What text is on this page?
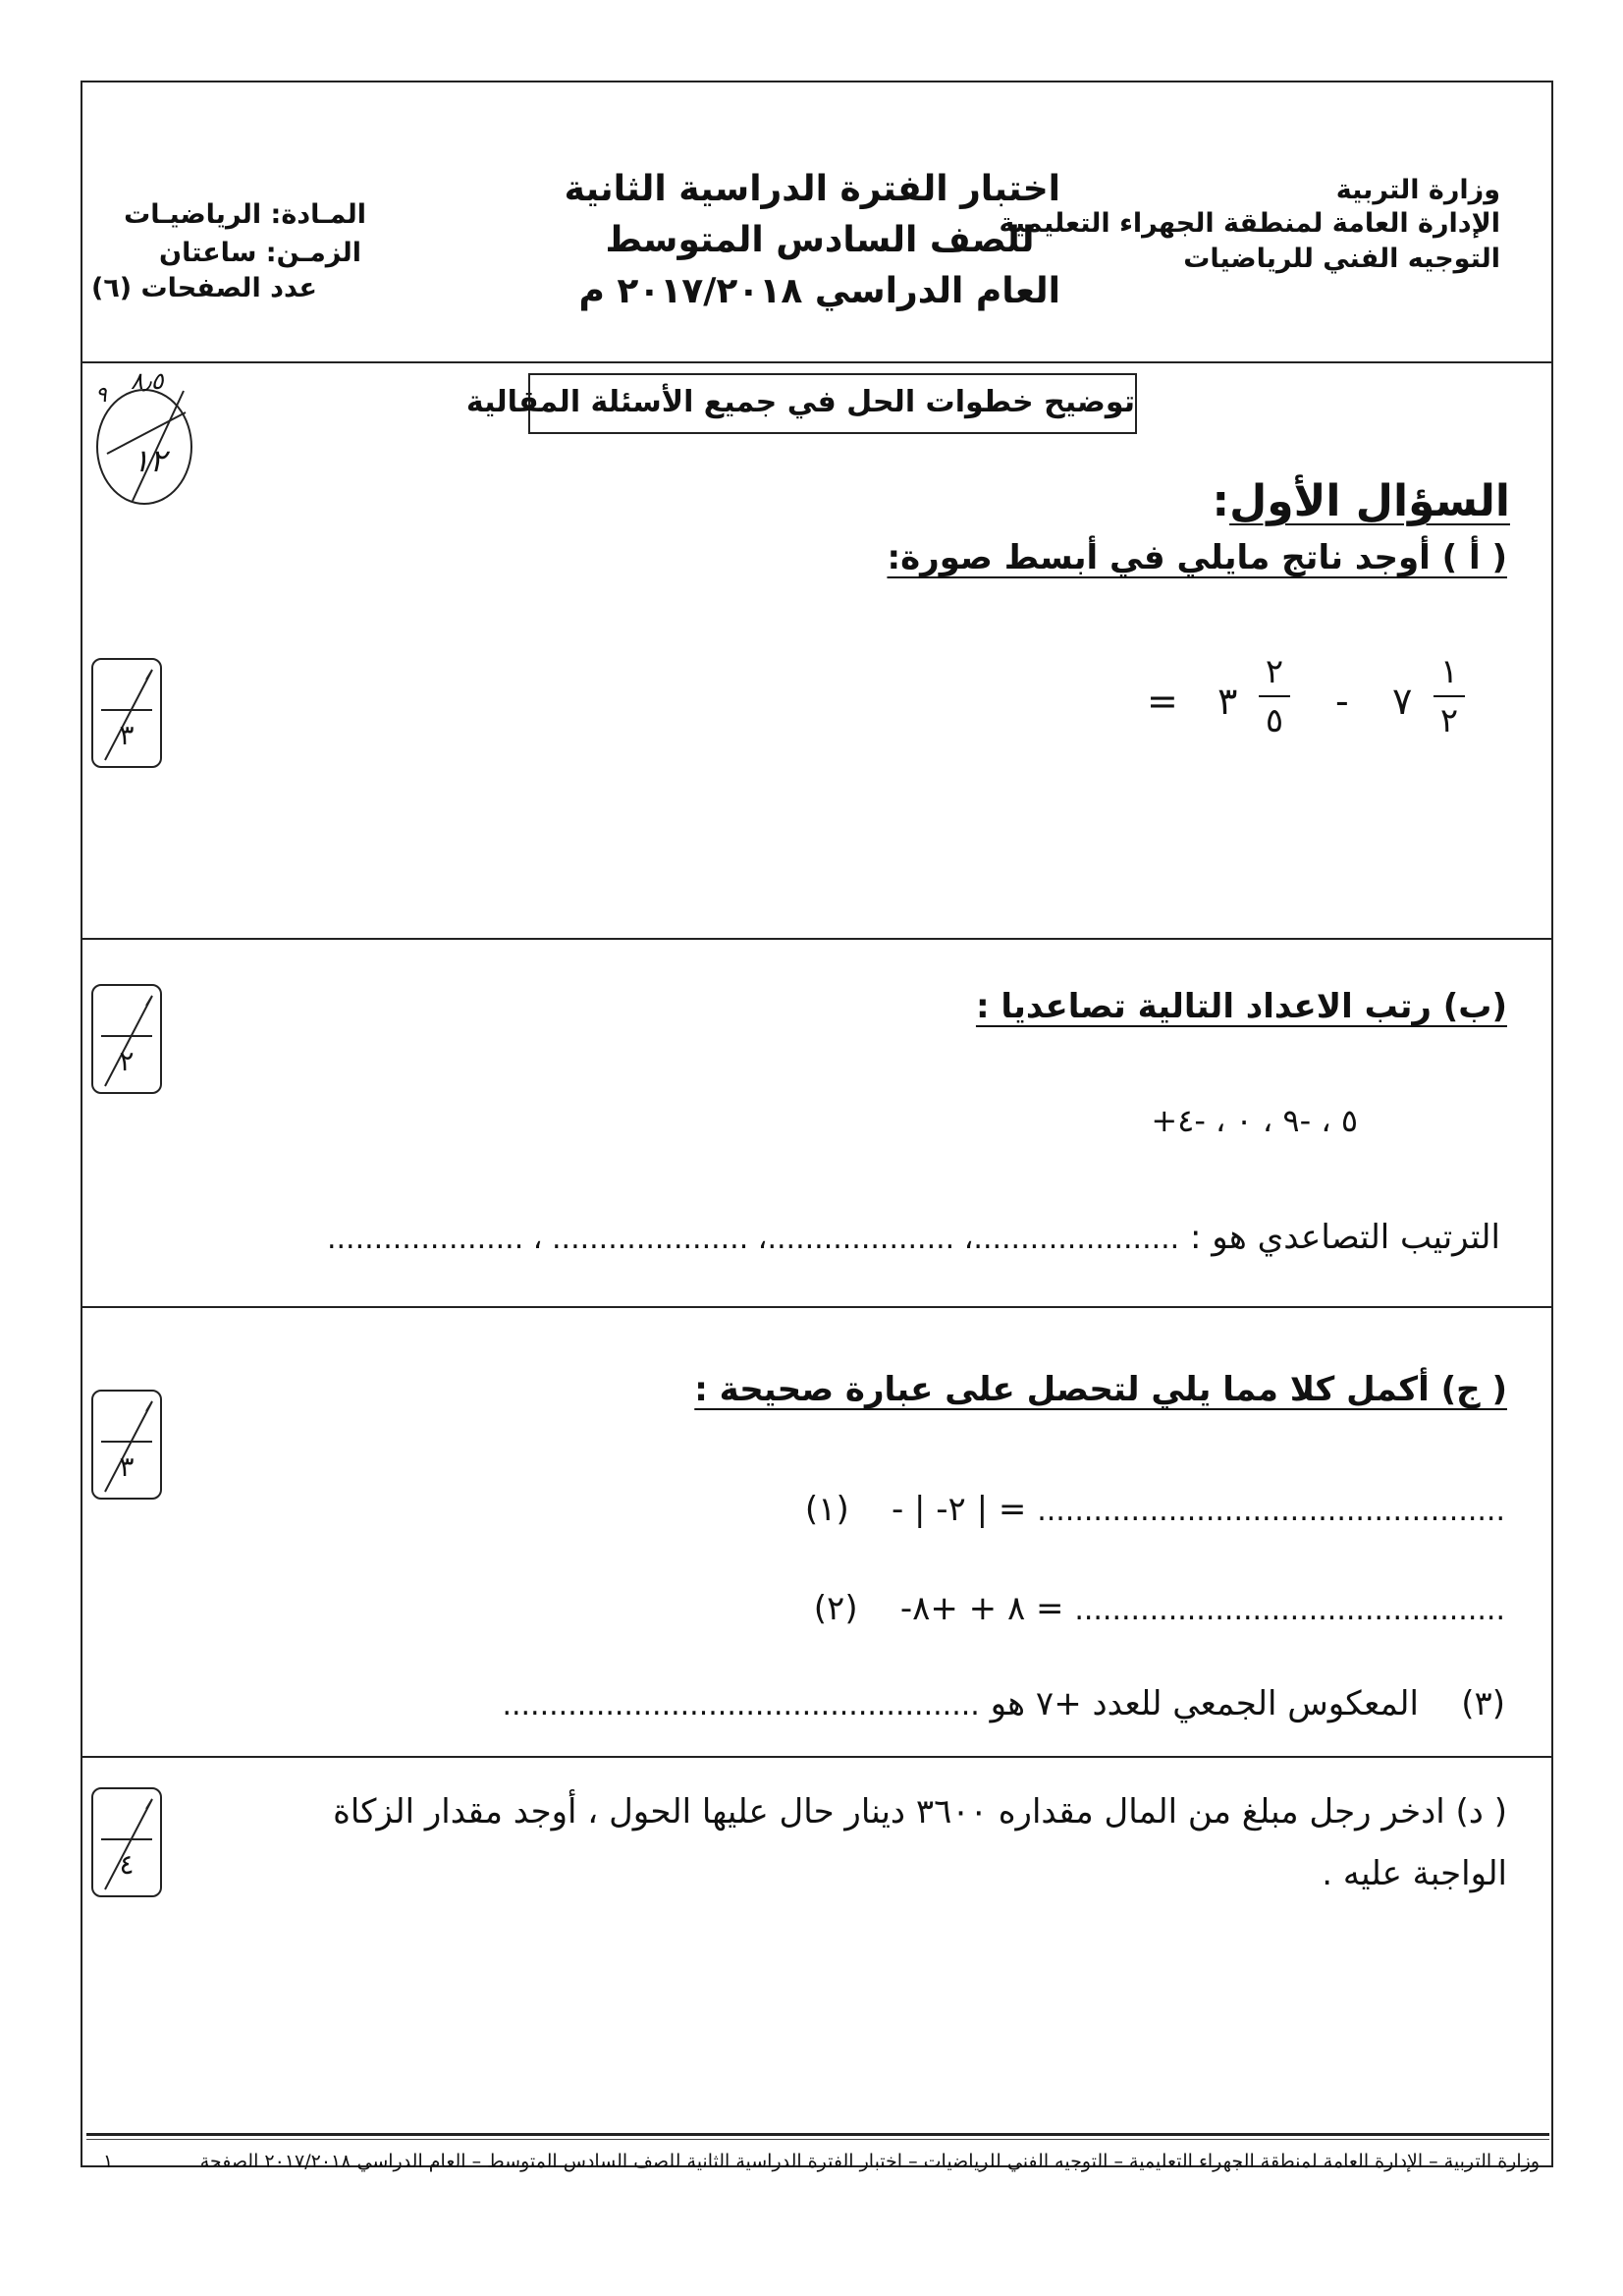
وزارة التربية
الإدارة العامة لمنطقة الجهراء التعليمية
التوجيه الفني للرياضيات
اختبار الفترة الدراسية الثانية
للصف السادس المتوسط
العام الدراسي ٢٠١٧/٢٠١٨ م
المـادة: الرياضيـات
الزمـن: ساعتان
عدد الصفحات (٦)
توضيح خطوات الحل في جميع الأسئلة المقالية
٨٫٥
٩
١٢
السؤال الأول:
( أ ) أوجد ناتج مايلي في أبسط صورة:
٣
= ٣
٢
٥ - ٧
١
٢
(ب) رتب الاعداد التالية تصاعديا :
٢
+٥ ، -٩ ، ٠ ، -٤
الترتيب التصاعدي هو : ......................، ....................، ..................... ، .....................
( ج) أكمل كلا مما يلي لتحصل على عبارة صحيحة :
٣
(١) - | -٢ | = ..................................................
(٢) -٨ + +٨ = ..............................................
(٣)    المعكوس الجمعي للعدد +٧ هو ...................................................
( د) ادخر رجل مبلغ من المال مقداره ٣٦٠٠ دينار حال عليها الحول ، أوجد مقدار الزكاة
الواجبة عليه .
٤
وزارة التربية – الإدارة العامة لمنطقة الجهراء التعليمية – التوجيه الفني للرياضيات – اختبار الفترة الدراسية الثانية للصف السادس المتوسط – العام الدراسي ٢٠١٧/٢٠١٨ الصفحة
١
